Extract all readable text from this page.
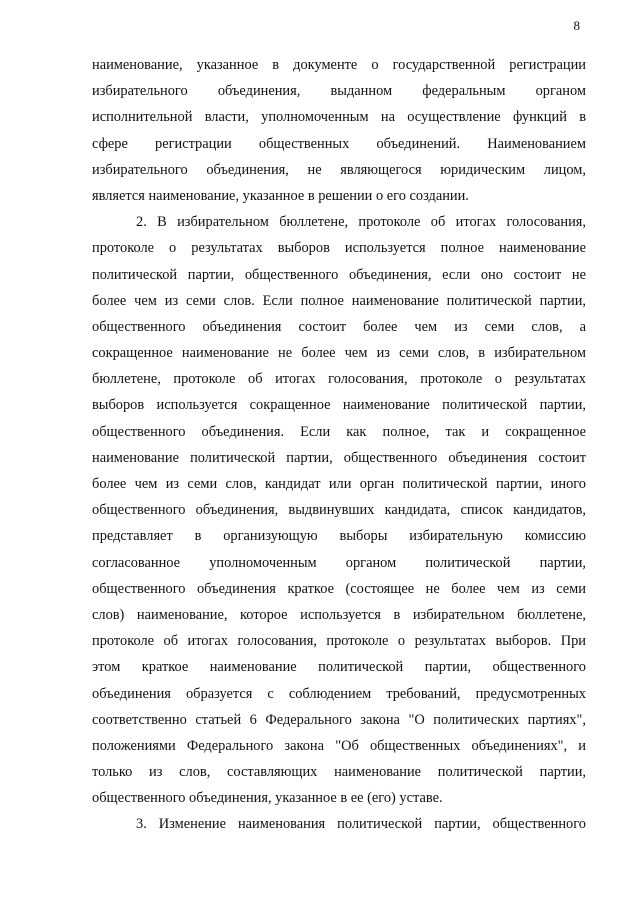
8
наименование, указанное в документе о государственной регистрации
избирательного объединения, выданном федеральным органом
исполнительной власти, уполномоченным на осуществление функций в
сфере регистрации общественных объединений. Наименованием
избирательного объединения, не являющегося юридическим лицом,
является наименование, указанное в решении о его создании.
2. В избирательном бюллетене, протоколе об итогах голосования,
протоколе о результатах выборов используется полное наименование
политической партии, общественного объединения, если оно состоит не
более чем из семи слов. Если полное наименование политической партии,
общественного объединения состоит более чем из семи слов, а
сокращенное наименование не более чем из семи слов, в избирательном
бюллетене, протоколе об итогах голосования, протоколе о результатах
выборов используется сокращенное наименование политической партии,
общественного объединения. Если как полное, так и сокращенное
наименование политической партии, общественного объединения состоит
более чем из семи слов, кандидат или орган политической партии, иного
общественного объединения, выдвинувших кандидата, список кандидатов,
представляет в организующую выборы избирательную комиссию
согласованное уполномоченным органом политической партии,
общественного объединения краткое (состоящее не более чем из семи
слов) наименование, которое используется в избирательном бюллетене,
протоколе об итогах голосования, протоколе о результатах выборов. При
этом краткое наименование политической партии, общественного
объединения образуется с соблюдением требований, предусмотренных
соответственно статьей 6 Федерального закона "О политических партиях",
положениями Федерального закона "Об общественных объединениях", и
только из слов, составляющих наименование политической партии,
общественного объединения, указанное в ее (его) уставе.
3. Изменение наименования политической партии, общественного
